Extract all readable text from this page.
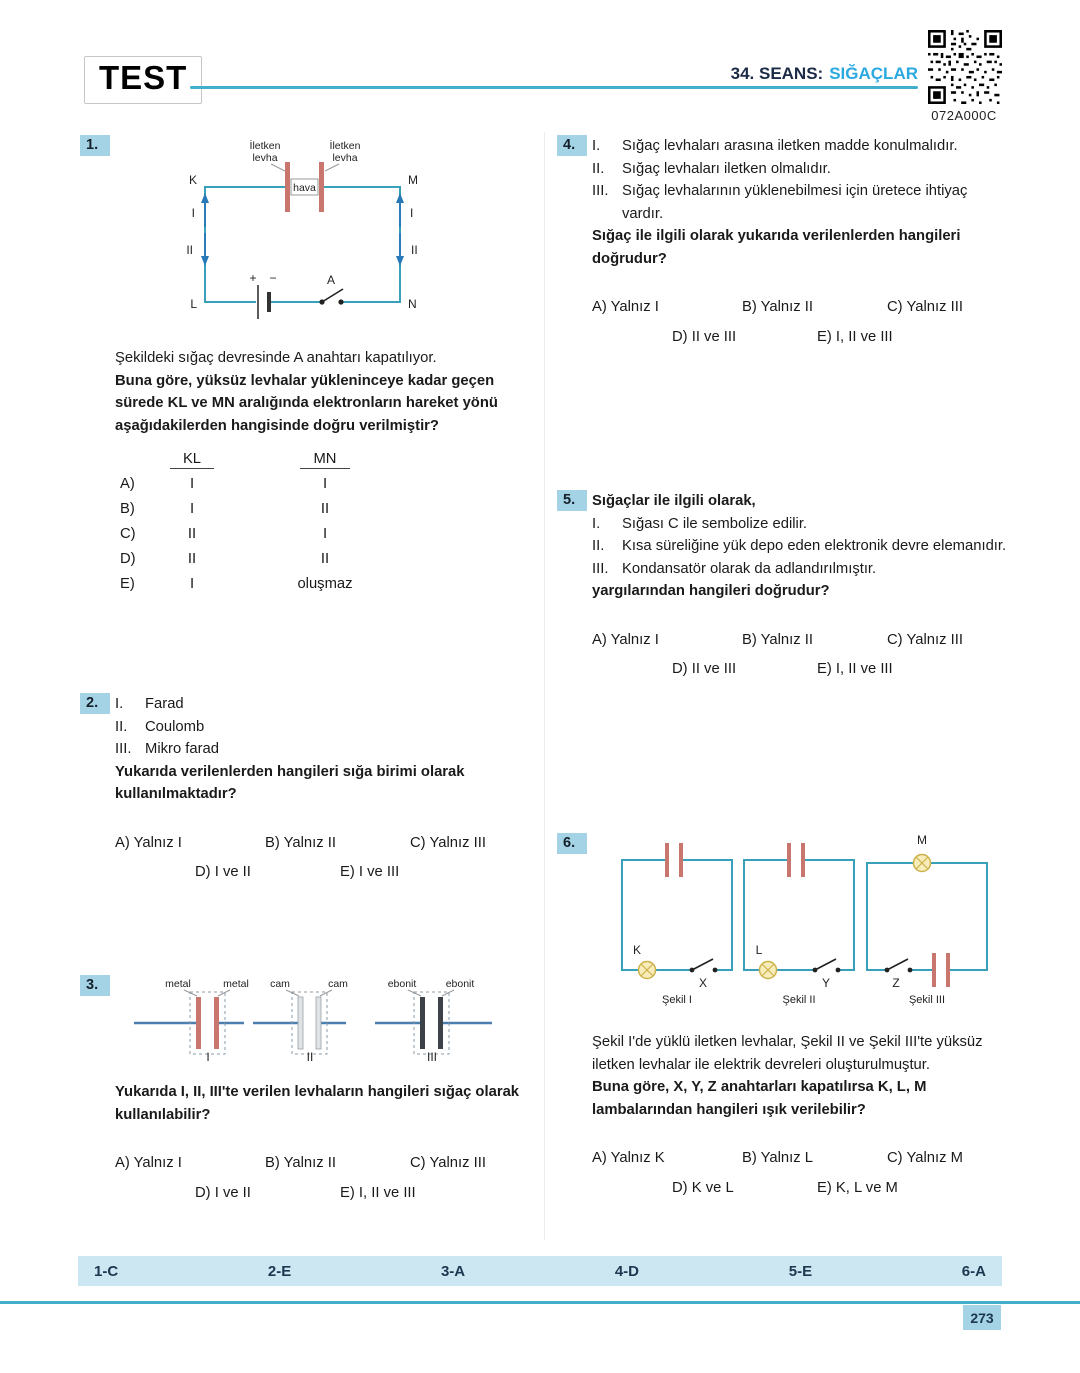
TEST	34. SEANS: SIĞAÇLAR
072A000C
1.	İletken
levha
İletken
levha
hava
I
II
I
II
+ −	A
K	M
L	N

Şekildeki sığaç devresinde A anahtarı kapatılıyor.

Buna göre, yüksüz levhalar yükleninceye kadar geçen sürede KL ve MN aralığında elektronların hareket yönü aşağıdakilerden hangisinde doğru verilmiştir?

KL	MN
A)	I	I
B)	I	II
C)	II	I
D)	II	II
E)	I	oluşmaz
2.	I.	Farad
II.	Coulomb
III. Mikro farad

Yukarıda verilenlerden hangileri sığa birimi olarak kullanılmaktadır?

A) Yalnız I	B) Yalnız II	C) Yalnız III
D) I ve II	E) I ve III
3.	metal	metal
I
cam	cam
II
ebonit	ebonit
III

Yukarıda I, II, III'te verilen levhaların hangileri sığaç olarak kullanılabilir?

A) Yalnız I	B) Yalnız II	C) Yalnız III
D) I ve II	E) I, II ve III
4.	I.	Sığaç levhaları arasına iletken madde konulmalıdır.
II.	Sığaç levhaları iletken olmalıdır.
III. Sığaç levhalarının yüklenebilmesi için üretece ihtiyaç vardır.

Sığaç ile ilgili olarak yukarıda verilenlerden hangileri doğrudur?

A) Yalnız I	B) Yalnız II	C) Yalnız III
D) II ve III	E) I, II ve III
5.	Sığaçlar ile ilgili olarak,

I.	Sığası C ile sembolize edilir.
II.	Kısa süreliğine yük depo eden elektronik devre elemanıdır.
III. Kondansatör olarak da adlandırılmıştır.

yargılarından hangileri doğrudur?

A) Yalnız I	B) Yalnız II	C) Yalnız III
D) II ve III	E) I, II ve III
6.
K
X
Şekil I
L
Y
Şekil II
M
Z
Şekil III

Şekil I'de yüklü iletken levhalar, Şekil II ve Şekil III'te yüksüz iletken levhalar ile elektrik devreleri oluşturulmuştur.

Buna göre, X, Y, Z anahtarları kapatılırsa K, L, M lambalarından hangileri ışık verilebilir?

A) Yalnız K	B) Yalnız L	C) Yalnız M
D) K ve L	E) K, L ve M
1-C	2-E	3-A	4-D	5-E	6-A
273
